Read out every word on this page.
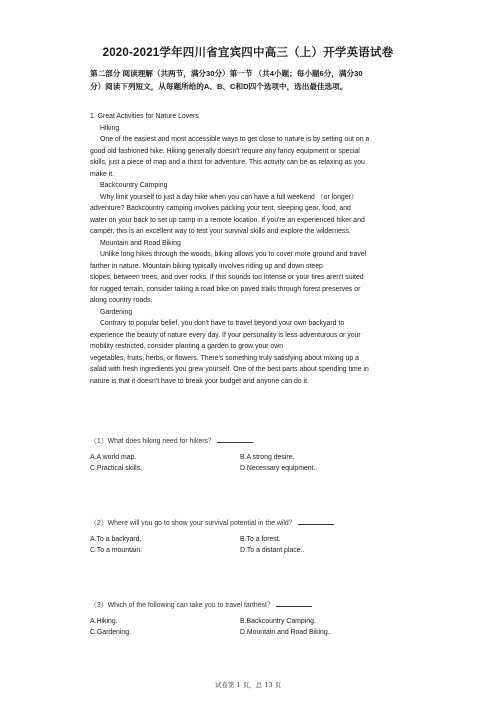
2020-2021学年四川省宜宾四中高三（上）开学英语试卷
第二部分 阅读理解（共两节，满分30分）第一节 （共4小题；每小题6分，满分30
分）阅读下列短文，从每题所给的A、B、C和D四个选项中，选出最佳选项。

1. Great Activities for Nature Lovers

Hiking

One of the easiest and most accessible ways to get close to nature is by setting out on a

good old fashioned hike. Hiking generally doesn't require any fancy equipment or special

skills, just a piece of map and a thirst for adventure. This activity can be as relaxing as you

make it.

Backcountry Camping

Why limit yourself to just a day hike when you can have a full weekend （or longer）

adventure? Backcountry camping involves packing your tent, sleeping gear, food, and

water on your back to set up camp in a remote location. If you're an experienced hiker and

camper, this is an excellent way to test your survival skills and explore the wilderness.

Mountain and Road Biking

Unlike long hikes through the woods, biking allows you to cover more ground and travel

farther in nature. Mountain biking typically involves riding up and down steep

slopes, between trees, and over rocks. If this sounds too intense or your tires aren't suited

for rugged terrain, consider taking a road bike on paved trails through forest preserves or

along country roads.

Gardening

Contrary to popular belief, you don't have to travel beyond your own backyard to

experience the beauty of nature every day. If your personality is less adventurous or your

mobility restricted, consider planting a garden to grow your own

vegetables, fruits, herbs, or flowers. There's something truly satisfying about mixing up a

salad with fresh ingredients you grew yourself. One of the best parts about spending time in

nature is that it doesn't have to break your budget and anyone can do it.

（1）What does hiking need for hikers？
A.A world map.	B.A strong desire.
C.Practical skills.	D.Necessary equipment..
（2）Where will you go to show your survival potential in the wild？
A.To a backyard.	B.To a forest.
C.To a mountain.	D.To a distant place..
（3）Which of the following can take you to travel farthest？
A.Hiking.	B.Backcountry Camping.
C.Gardening.	D.Mountain and Road Biking..
试卷第 1 页，总 13 页
